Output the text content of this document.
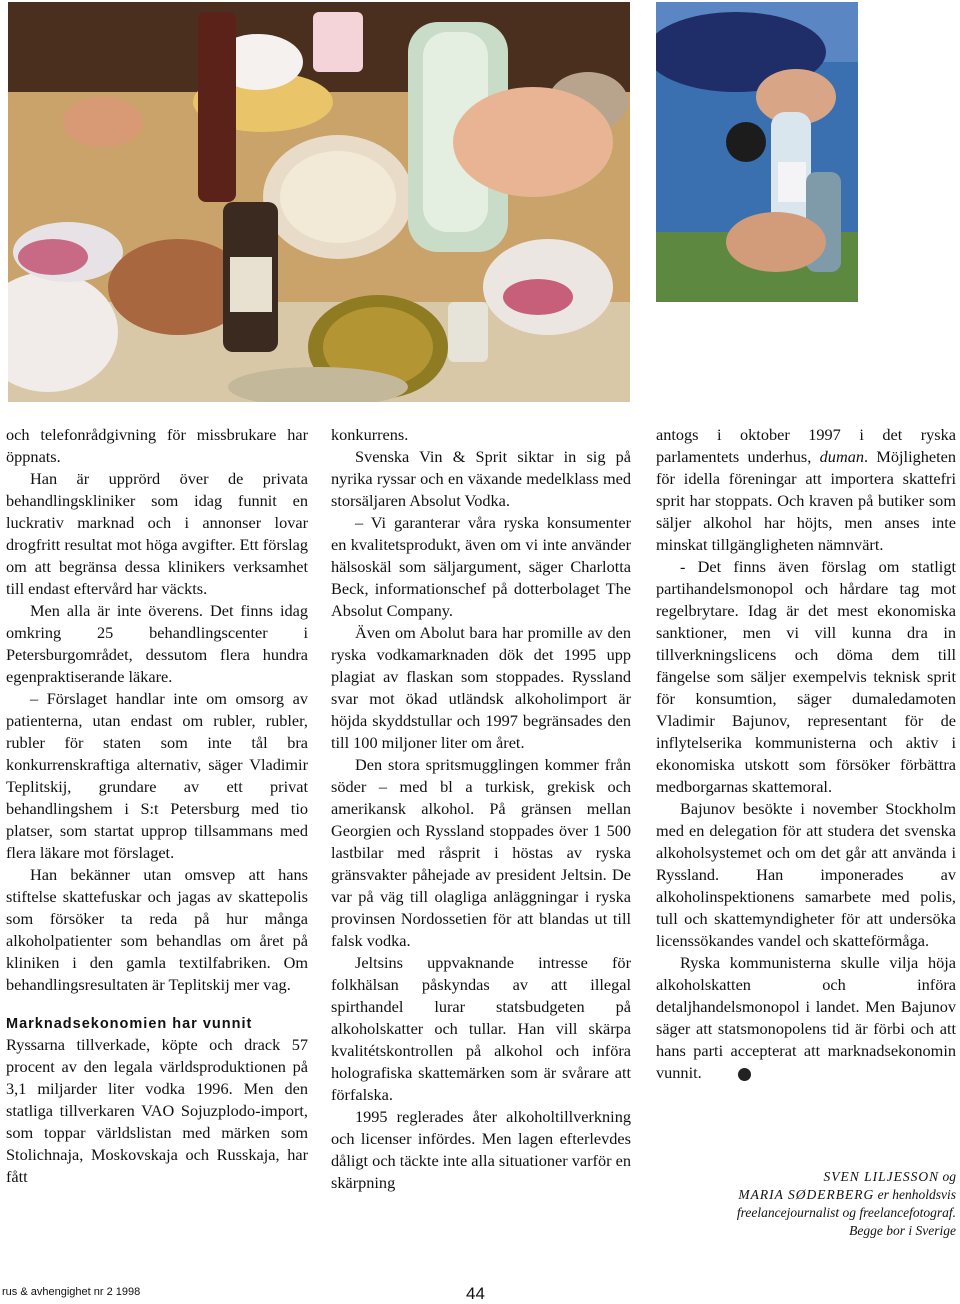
och telefonrådgivning för missbrukare har öppnats.

Han är upprörd över de privata behandlingskliniker som idag funnit en luckrativ marknad och i annonser lovar drogfritt resultat mot höga avgifter. Ett förslag om att begränsa dessa klinikers verksamhet till endast eftervård har väckts.

Men alla är inte överens. Det finns idag omkring 25 behandlingscenter i Petersburgområdet, dessutom flera hundra egenpraktiserande läkare.

– Förslaget handlar inte om omsorg av patienterna, utan endast om rubler, rubler, rubler för staten som inte tål bra konkurrenskraftiga alternativ, säger Vladimir Teplitskij, grundare av ett privat behandlingshem i S:t Petersburg med tio platser, som startat upprop tillsammans med flera läkare mot förslaget.

Han bekänner utan omsvep att hans stiftelse skattefuskar och jagas av skattepolis som försöker ta reda på hur många alkoholpatienter som behandlas om året på kliniken i den gamla textilfabriken. Om behandlingsresultaten är Teplitskij mer vag.

Marknadsekonomien har vunnit

Ryssarna tillverkade, köpte och drack 57 procent av den legala världsproduktionen på 3,1 miljarder liter vodka 1996. Men den statliga tillverkaren VAO Sojuzplodo-import, som toppar världslistan med märken som Stolichnaja, Moskovskaja och Russkaja, har fått

konkurrens.

Svenska Vin & Sprit siktar in sig på nyrika ryssar och en växande medelklass med storsäljaren Absolut Vodka.

– Vi garanterar våra ryska konsumenter en kvalitetsprodukt, även om vi inte använder hälsoskäl som säljargument, säger Charlotta Beck, informationschef på dotterbolaget The Absolut Company.

Även om Abolut bara har promille av den ryska vodkamarknaden dök det 1995 upp plagiat av flaskan som stoppades. Ryssland svar mot ökad utländsk alkoholimport är höjda skyddstullar och 1997 begränsades den till 100 miljoner liter om året.

Den stora spritsmugglingen kommer från söder – med bl a turkisk, grekisk och amerikansk alkohol. På gränsen mellan Georgien och Ryssland stoppades över 1 500 lastbilar med råsprit i höstas av ryska gränsvakter påhejade av president Jeltsin. De var på väg till olagliga anläggningar i ryska provinsen Nordossetien för att blandas ut till falsk vodka.

Jeltsins uppvaknande intresse för folkhälsan påskyndas av att illegal spirthandel lurar statsbudgeten på alkoholskatter och tullar. Han vill skärpa kvalitétskontrollen på alkohol och införa holografiska skattemärken som är svårare att förfalska.

1995 reglerades åter alkoholtillverkning och licenser infördes. Men lagen efterlevdes dåligt och täckte inte alla situationer varför en skärpning

antogs i oktober 1997 i det ryska parlamentets underhus, duman. Möjligheten för idella föreningar att importera skattefri sprit har stoppats. Och kraven på butiker som säljer alkohol har höjts, men anses inte minskat tillgängligheten nämnvärt.

- Det finns även förslag om statligt partihandelsmonopol och hårdare tag mot regelbrytare. Idag är det mest ekonomiska sanktioner, men vi vill kunna dra in tillverkningslicens och döma dem till fängelse som säljer exempelvis teknisk sprit för konsumtion, säger dumaledamoten Vladimir Bajunov, representant för de inflytelserika kommunisterna och aktiv i ekonomiska utskott som försöker förbättra medborgarnas skattemoral.

Bajunov besökte i november Stockholm med en delegation för att studera det svenska alkoholsystemet och om det går att använda i Ryssland. Han imponerades av alkoholinspektionens samarbete med polis, tull och skattemyndigheter för att undersöka licenssökandes vandel och skatteförmåga.

Ryska kommunisterna skulle vilja höja alkoholskatten och införa detaljhandelsmonopol i landet. Men Bajunov säger att statsmonopolens tid är förbi och att hans parti accepterat att marknadsekonomin vunnit.	R

SVEN LILJESSON og
MARIA SØDERBERG er henholdsvis
freelancejournalist og freelancefotograf.
Begge bor i Sverige
rus & avhengighet nr 2 1998	44
